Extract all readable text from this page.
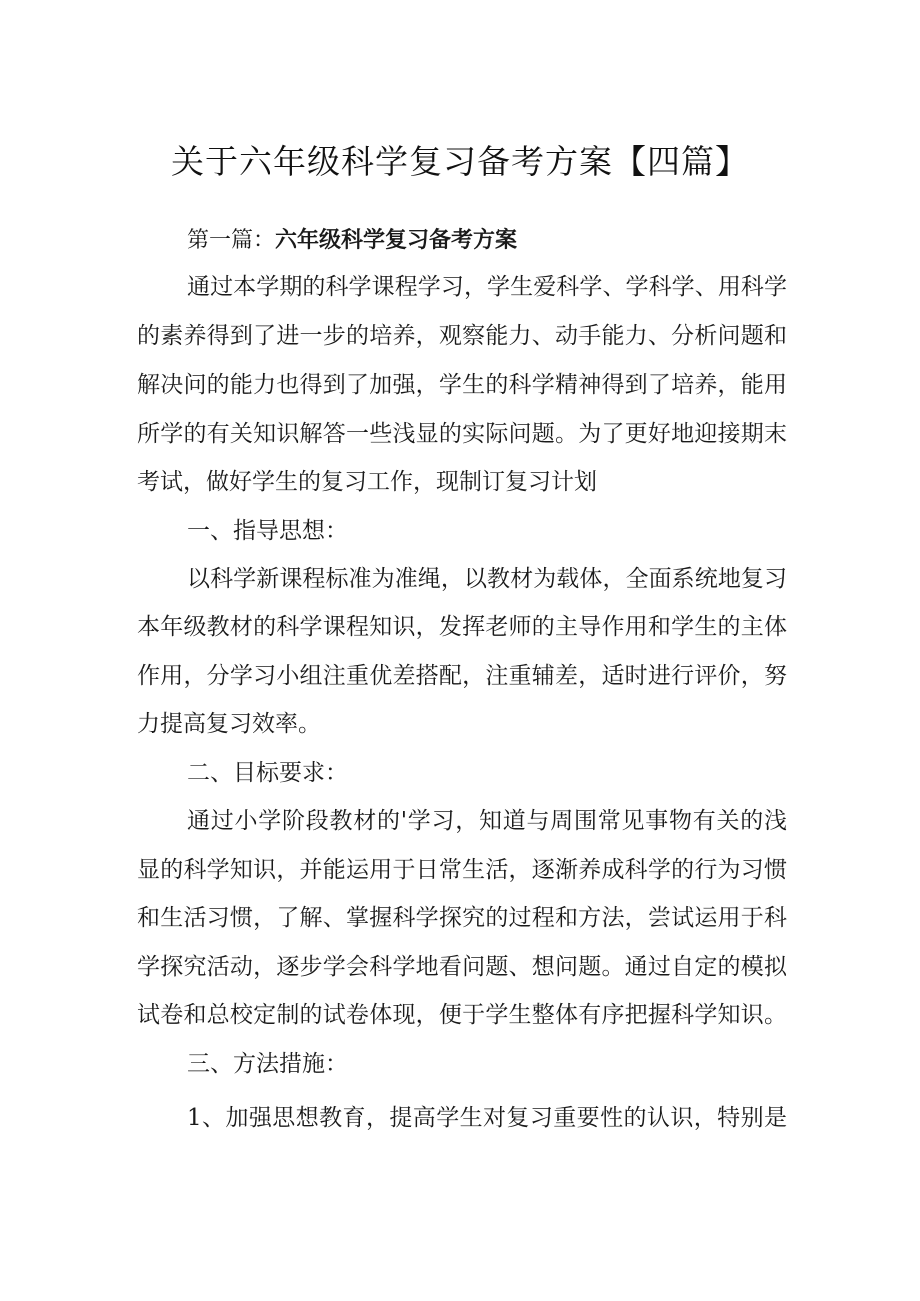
关于六年级科学复习备考方案【四篇】
第一篇：六年级科学复习备考方案

通过本学期的科学课程学习，学生爱科学、学科学、用科学

的素养得到了进一步的培养，观察能力、动手能力、分析问题和

解决问的能力也得到了加强，学生的科学精神得到了培养，能用

所学的有关知识解答一些浅显的实际问题。为了更好地迎接期末

考试，做好学生的复习工作，现制订复习计划

一、指导思想：

以科学新课程标准为准绳，以教材为载体，全面系统地复习

本年级教材的科学课程知识，发挥老师的主导作用和学生的主体

作用，分学习小组注重优差搭配，注重辅差，适时进行评价，努

力提高复习效率。

二、目标要求：

通过小学阶段教材的'学习，知道与周围常见事物有关的浅

显的科学知识，并能运用于日常生活，逐渐养成科学的行为习惯

和生活习惯，了解、掌握科学探究的过程和方法，尝试运用于科

学探究活动，逐步学会科学地看问题、想问题。通过自定的模拟

试卷和总校定制的试卷体现，便于学生整体有序把握科学知识。

三、方法措施：

1、加强思想教育，提高学生对复习重要性的认识，特别是
